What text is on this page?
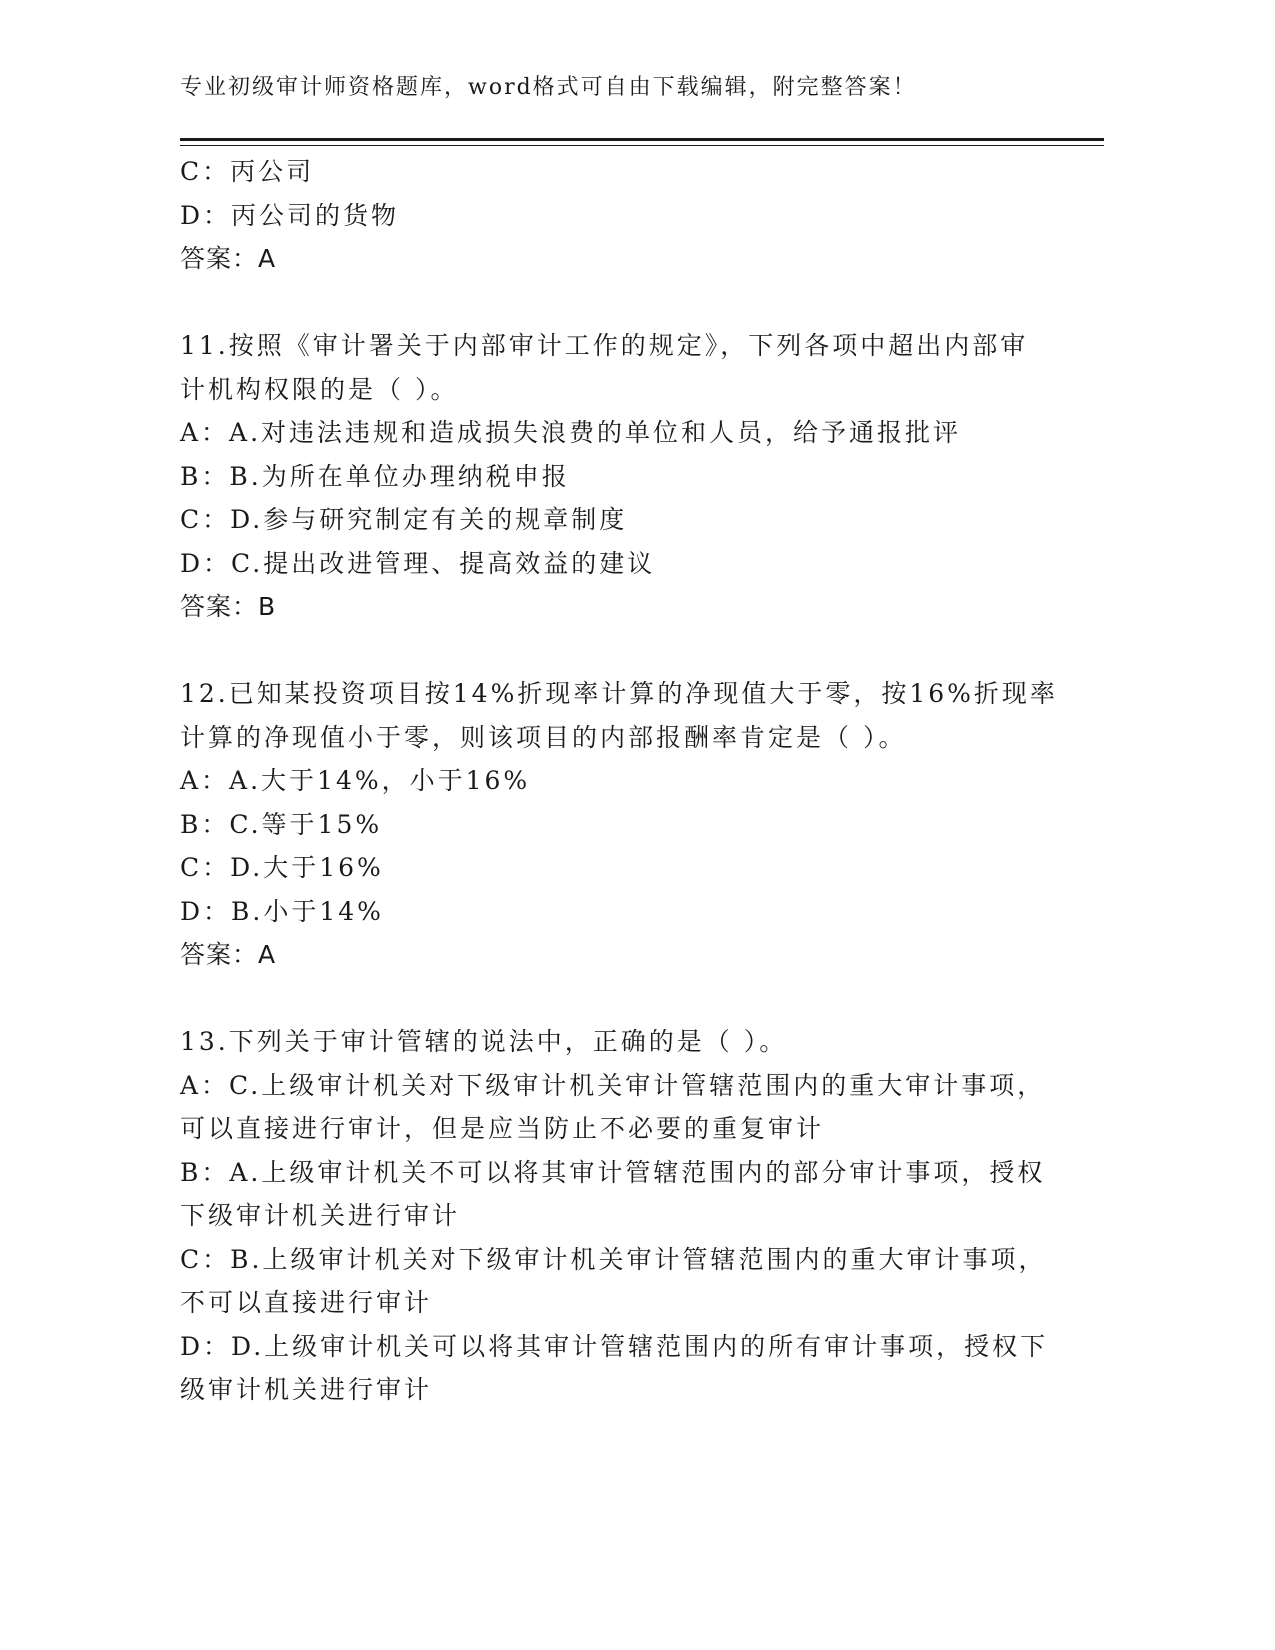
专业初级审计师资格题库，word格式可自由下载编辑，附完整答案！
C：丙公司
D：丙公司的货物
答案：A
11.按照《审计署关于内部审计工作的规定》，下列各项中超出内部审
计机构权限的是（ ）。
A：A.对违法违规和造成损失浪费的单位和人员，给予通报批评
B：B.为所在单位办理纳税申报
C：D.参与研究制定有关的规章制度
D：C.提出改进管理、提高效益的建议
答案：B
12.已知某投资项目按14%折现率计算的净现值大于零，按16%折现率
计算的净现值小于零，则该项目的内部报酬率肯定是（ ）。
A：A.大于14%，小于16%
B：C.等于15%
C：D.大于16%
D：B.小于14%
答案：A
13.下列关于审计管辖的说法中，正确的是（ ）。
A：C.上级审计机关对下级审计机关审计管辖范围内的重大审计事项，
可以直接进行审计，但是应当防止不必要的重复审计
B：A.上级审计机关不可以将其审计管辖范围内的部分审计事项，授权
下级审计机关进行审计
C：B.上级审计机关对下级审计机关审计管辖范围内的重大审计事项，
不可以直接进行审计
D：D.上级审计机关可以将其审计管辖范围内的所有审计事项，授权下
级审计机关进行审计
